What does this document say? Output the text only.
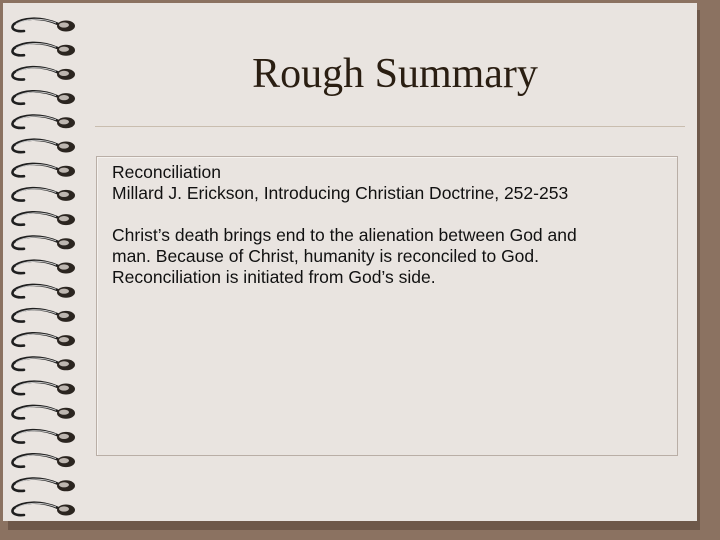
Rough Summary

Reconciliation

Millard J. Erickson, Introducing Christian Doctrine, 252-253

Christ’s death brings end to the alienation between God and

man. Because of Christ, humanity is reconciled to God.

Reconciliation is initiated from God’s side.
